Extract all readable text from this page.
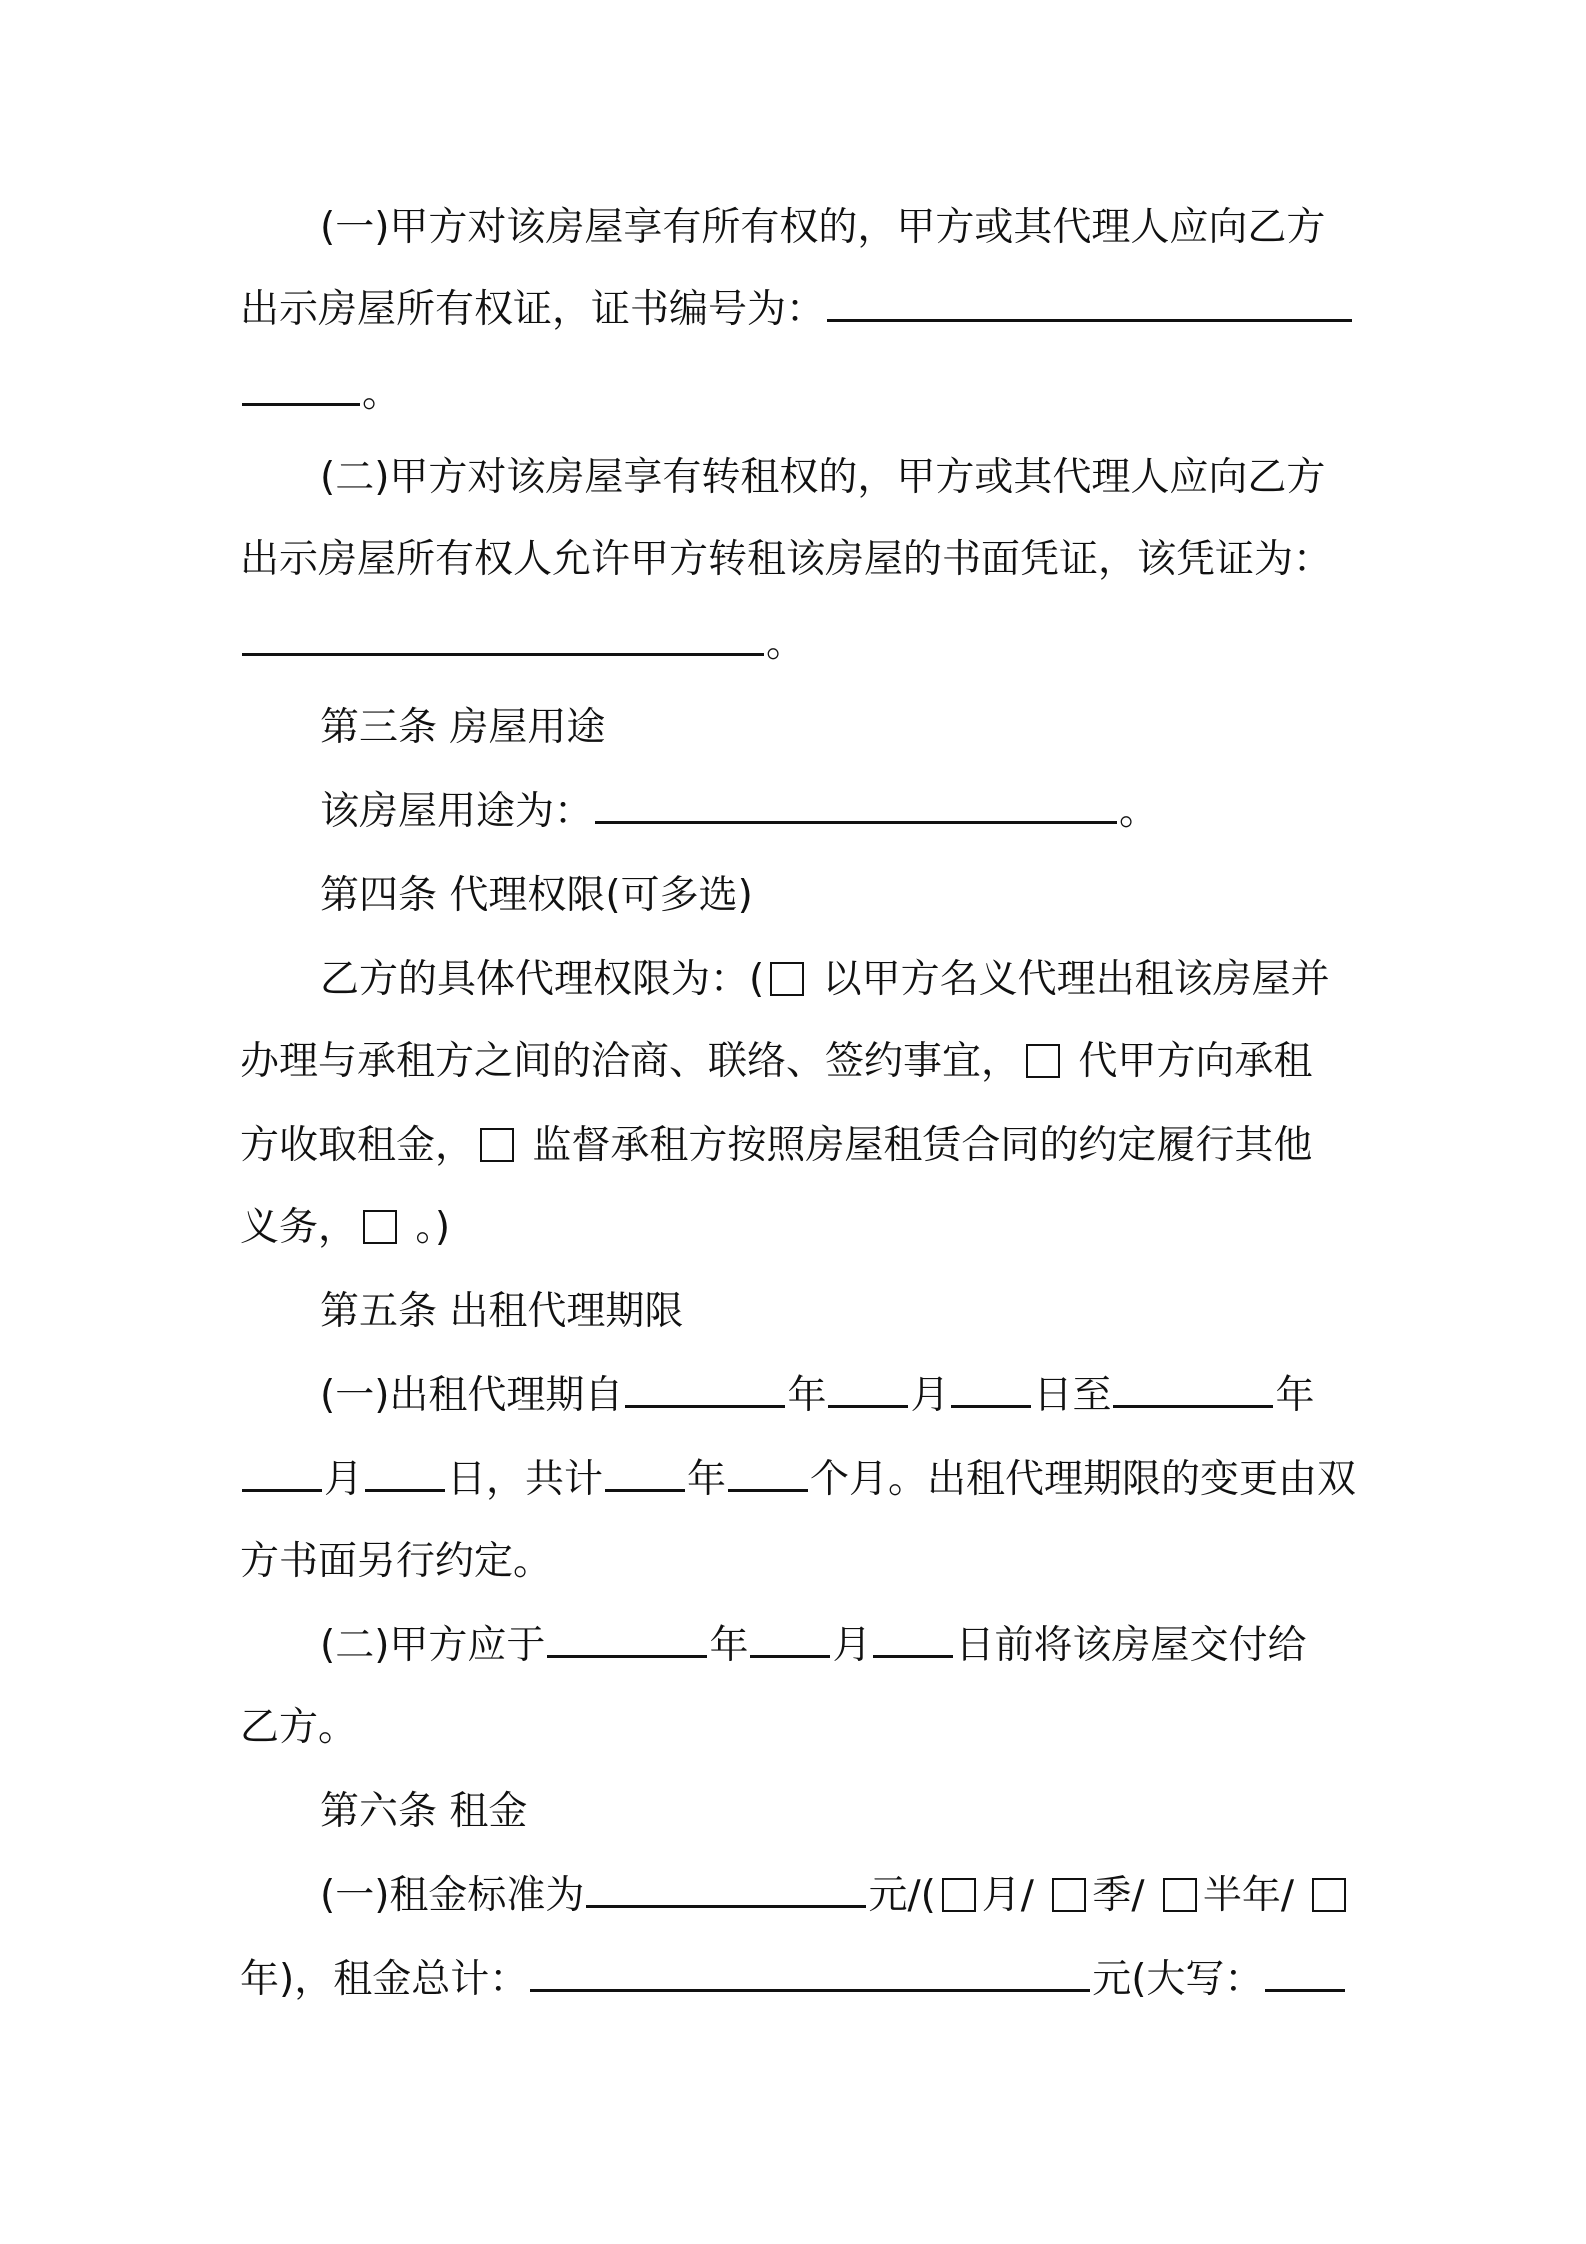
(一)甲方对该房屋享有所有权的，甲方或其代理人应向乙方
出示房屋所有权证，证书编号为：
。
(二)甲方对该房屋享有转租权的，甲方或其代理人应向乙方
出示房屋所有权人允许甲方转租该房屋的书面凭证，该凭证为：
。
第三条 房屋用途
该房屋用途为：	。
第四条 代理权限(可多选)
乙方的具体代理权限为：( 以甲方名义代理出租该房屋并
办理与承租方之间的洽商、联络、签约事宜， 代甲方向承租
方收取租金， 监督承租方按照房屋租赁合同的约定履行其他
义务， 。)
第五条 出租代理期限
(一)出租代理期自	年 月 日至	年
月 日，共计 年 个月。出租代理期限的变更由双
方书面另行约定。
(二)甲方应于	年 月 日前将该房屋交付给
乙方。
第六条 租金
(一)租金标准为	元/( 月/ 季/ 半年/
年)，租金总计：	元(大写：
